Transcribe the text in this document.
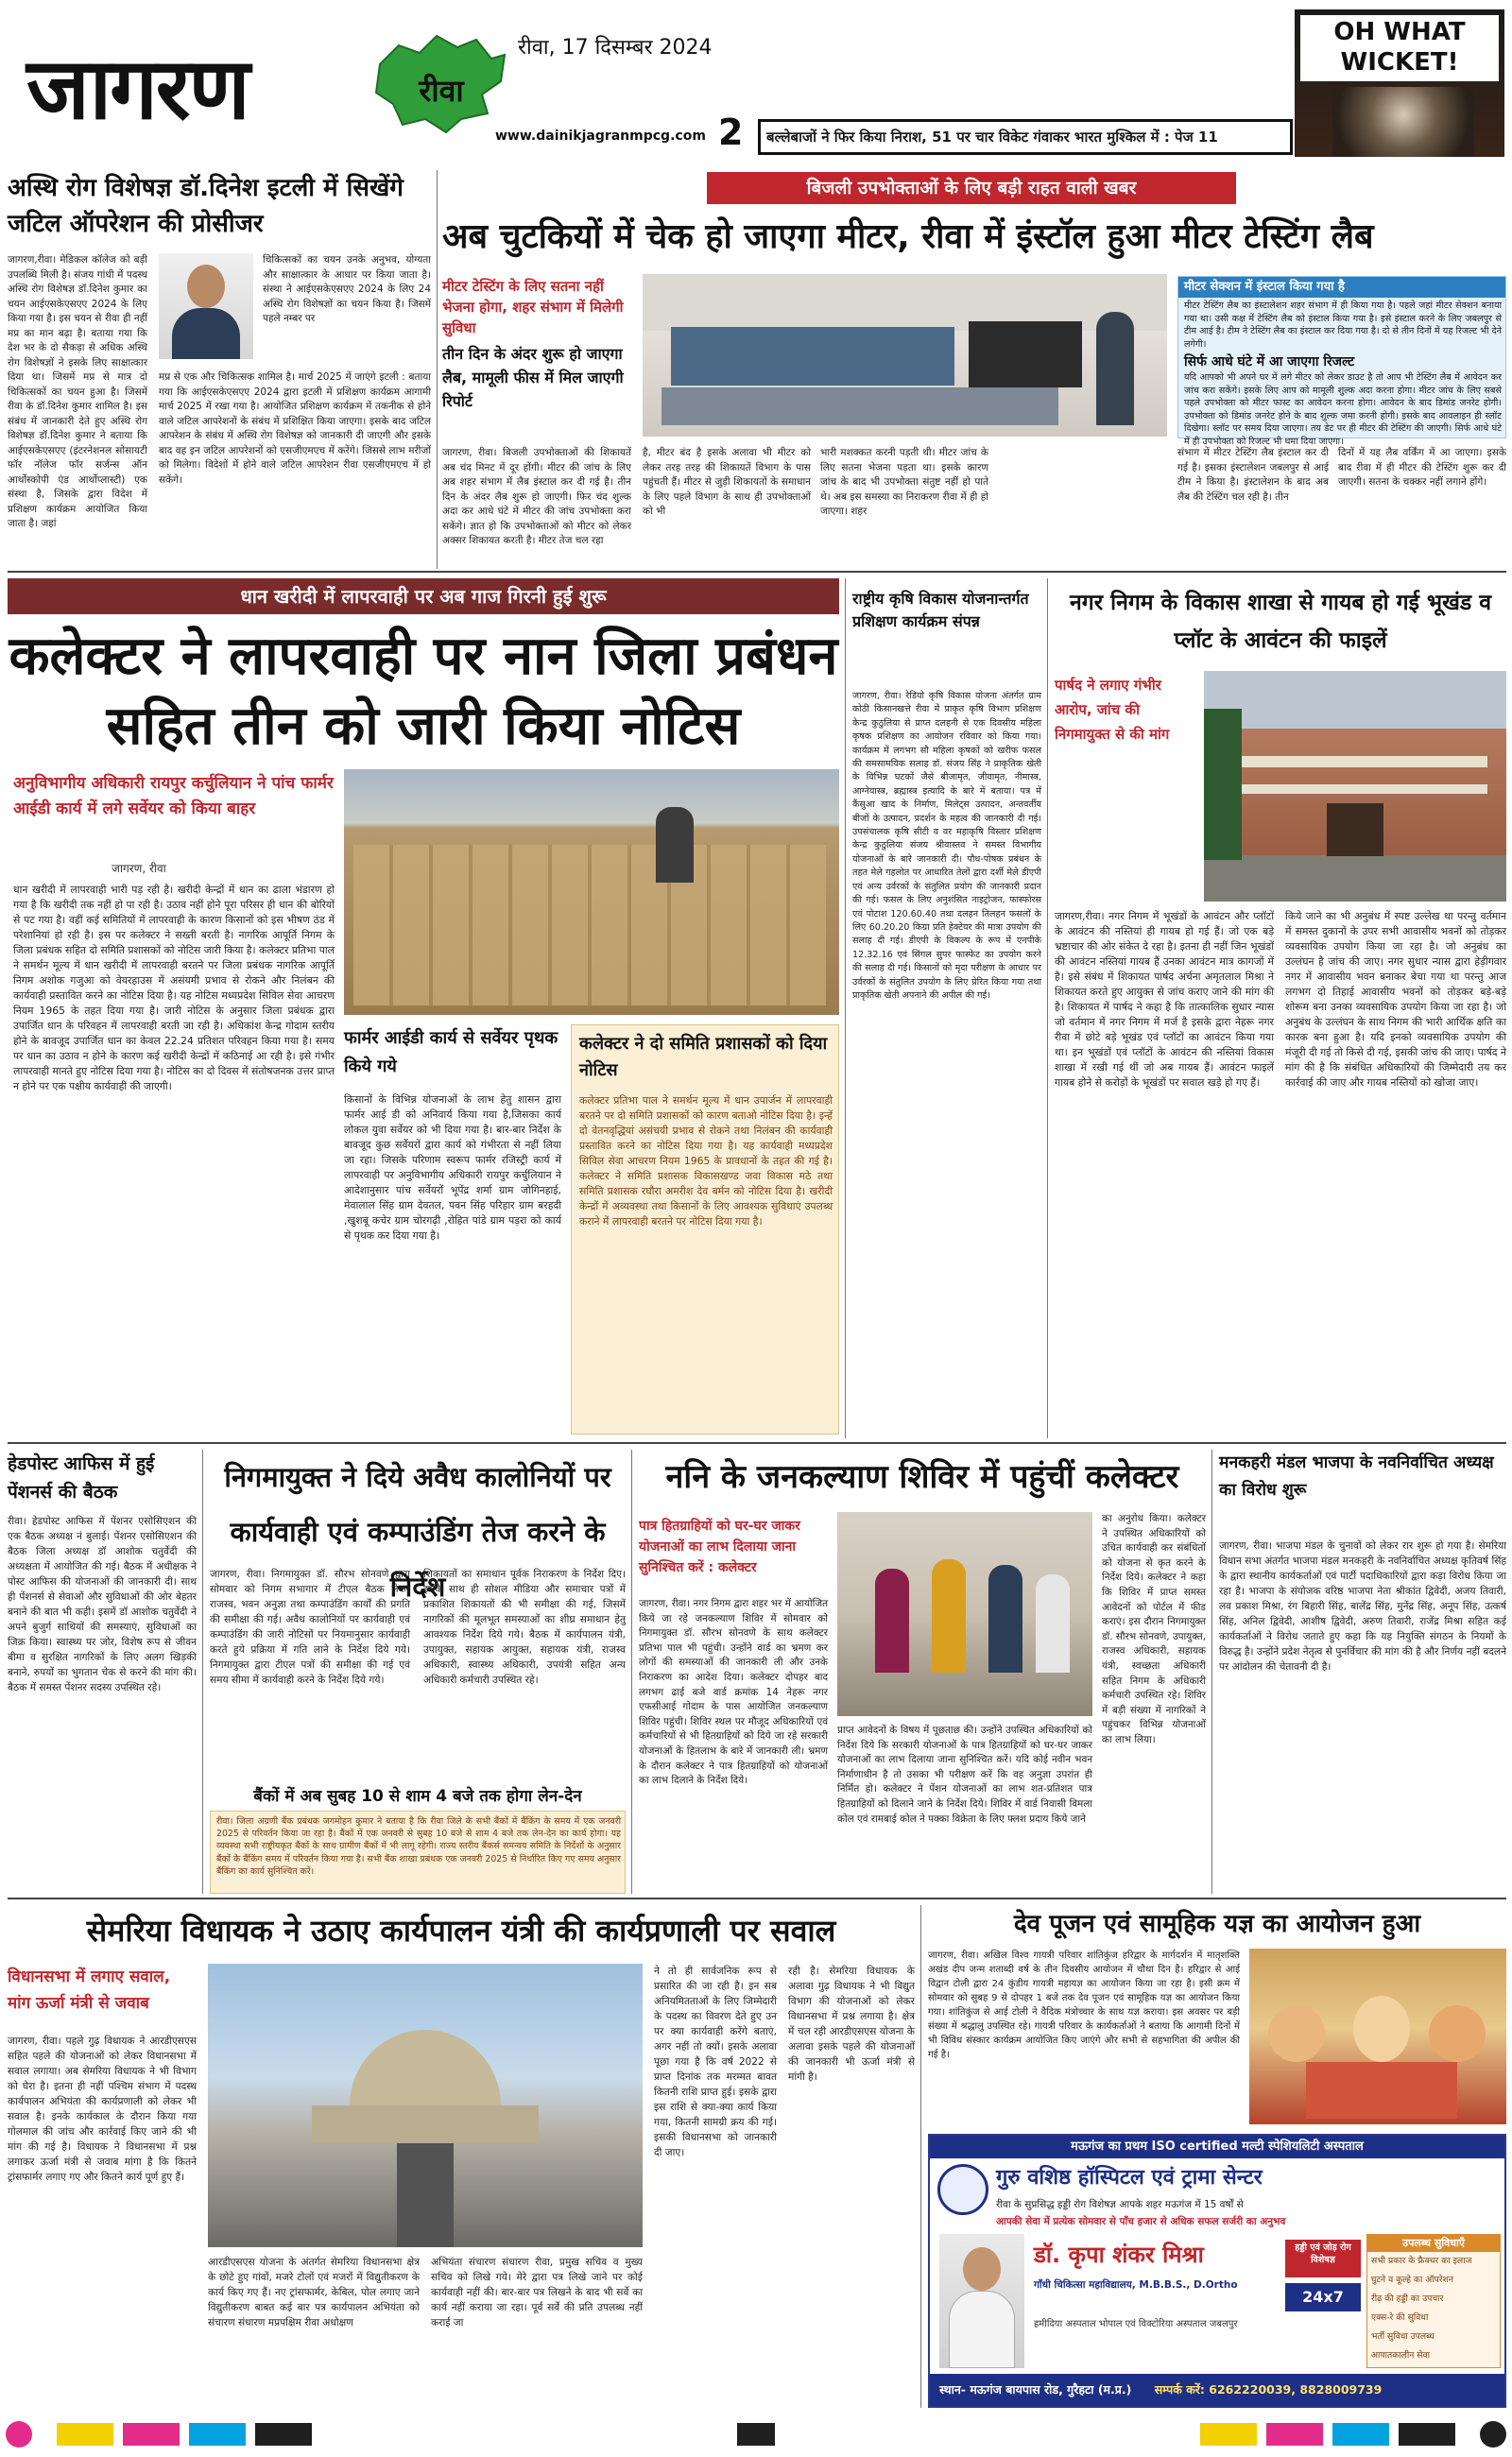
जागरण	रीवा
रीवा, 17 दिसम्बर 2024
www.dainikjagranmpcg.com 2	बल्लेबाजों ने फिर किया निराश, 51 पर चार विकेट गंवाकर भारत मुश्किल में : पेज 11
OH WHAT WICKET!
अस्थि रोग विशेषज्ञ डॉ.दिनेश इटली में सिखेंगे जटिल ऑपरेशन की प्रोसीजर
जागरण,रीवा। मेडिकल कॉलेज को बड़ी उपलब्धि मिली है। संजय गांधी में पदस्थ अस्थि रोग विशेषज्ञ डॉ.दिनेश कुमार का चयन आईएसकेएसएए 2024 के लिए किया गया है। इस चयन से रीवा ही नहीं मप्र का मान बढ़ा है। बताया गया कि देश भर के दो सैकड़ा से अधिक अस्थि रोग विशेषज्ञों ने इसके लिए साक्षात्कार दिया था। जिसमें मप्र से मात्र दो चिकित्सकों का चयन हुआ है। जिसमें रीवा के डॉ.दिनेश कुमार शामिल है। इस संबंध में जानकारी देते हुए अस्थि रोग विशेषज्ञ डॉ.दिनेश कुमार ने बताया कि आईएसकेएसएए (इंटरनेशनल सोसायटी फॉर नॉलेज फॉर सर्जन्स ऑन आर्थोस्कोपी एंड आर्थोप्लास्टी) एक संस्था है, जिसके द्वारा विदेश में प्रशिक्षण कार्यक्रम आयोजित किया जाता है। जहां
चिकित्सकों का चयन उनके अनुभव, योग्यता और साक्षात्कार के आधार पर किया जाता है। संस्था ने आईएसकेएसएए 2024 के लिए 24 अस्थि रोग विशेषज्ञों का चयन किया है। जिसमें पहले नम्बर पर
मप्र से एक और चिकित्सक शामिल है। मार्च 2025 में जाएंगे इटली : बताया गया कि आईएसकेएसएए 2024 द्वारा इटली में प्रशिक्षण कार्यक्रम आगामी मार्च 2025 में रखा गया है। आयोजित प्रशिक्षण कार्यक्रम में तकनीक से होने वाले जटिल आपरेशनों के संबंध में प्रशिक्षित किया जाएगा। इसके बाद जटिल आपरेशन के संबंध में अस्थि रोग विशेषज्ञ को जानकारी दी जाएगी और इसके बाद वह इन जटिल आपरेशनों को एसजीएमएच में करेंगे। जिससे लाभ मरीजों को मिलेगा। विदेशों में होने वाले जटिल आपरेशन रीवा एसजीएमएच में हो सकेंगे।
बिजली उपभोक्ताओं के लिए बड़ी राहत वाली खबर
अब चुटकियों में चेक हो जाएगा मीटर, रीवा में इंस्टॉल हुआ मीटर टेस्टिंग लैब
मीटर टेस्टिंग के लिए सतना नहीं भेजना होगा, शहर संभाग में मिलेगी सुविधा
तीन दिन के अंदर शुरू हो जाएगा लैब, मामूली फीस में मिल जाएगी रिपोर्ट
जागरण, रीवा। बिजली उपभोक्ताओं की शिकायतें अब चंद मिनट में दूर होंगी। मीटर की जांच के लिए अब शहर संभाग में लैब इंस्टाल कर दी गई है। तीन दिन के अंदर लैब शुरू हो जाएगी। फिर चंद शुल्क अदा कर आधे घंटे में मीटर की जांच उपभोक्ता करा सकेंगे। ज्ञात हो कि उपभोक्ताओं को मीटर को लेकर अक्सर शिकायत करती है। मीटर तेज चल रहा
है, मीटर बंद है इसके अलावा भी मीटर को लेकर तरह तरह की शिकायतें विभाग के पास पहुंचती हैं। मीटर से जुड़ी शिकायतों के समाधान के लिए पहले विभाग के साथ ही उपभोक्ताओं को भी
भारी मशक्कत करनी पड़ती थी। मीटर जांच के लिए सतना भेजना पड़ता था। इसके कारण जांच के बाद भी उपभोक्ता संतुष्ट नहीं हो पाते थे। अब इस समस्या का निराकरण रीवा में ही हो जाएगा। शहर
संभाग में मीटर टेस्टिंग लैब इंस्टाल कर दी गई है। इसका इंस्टालेशन जबलपुर से आई टीम ने किया है। इंस्टालेशन के बाद अब लैब की टेस्टिंग चल रही है। तीन
दिनों में यह लैब वर्किंग में आ जाएगा। इसके बाद रीवा में ही मीटर की टेस्टिंग शुरू कर दी जाएगी। सतना के चक्कर नहीं लगाने होंगे।
मीटर सेक्शन में इंस्टाल किया गया है
मीटर टेस्टिंग लैब का इंस्टालेशन शहर संभाग में ही किया गया है। पहले जहां मीटर सेक्शन बनाया गया था। उसी कक्ष में टेस्टिंग लैब को इंस्टाल किया गया है। इसे इंस्टाल करने के लिए जबलपुर से टीम आई है। टीम ने टेस्टिंग लैब का इंस्टाल कर दिया गया है। दो से तीन दिनों में यह रिजल्ट भी देने लगेगी।
सिर्फ आधे घंटे में आ जाएगा रिजल्ट
यदि आपको भी अपने घर में लगे मीटर को लेकर डाउट है तो आप भी टेस्टिंग लैब में आवेदन कर जांच करा सकेंगे। इसके लिए आप को मामूली शुल्क अदा करना होगा। मीटर जांच के लिए सबसे पहले उपभोक्ता को मीटर फास्ट का आवेदन करना होगा। आवेदन के बाद डिमांड जनरेट होगी। उपभोक्ता को डिमांड जनरेट होने के बाद शुल्क जमा करनी होगी। इसके बाद आवलाइन ही स्लॉट दिखेगा। स्लॉट पर समय दिया जाएगा। तय डेट पर ही मीटर की टेस्टिंग की जाएगी। सिर्फ आधे घंटे में ही उपभोक्ता को रिजल्ट भी थमा दिया जाएगा।
धान खरीदी में लापरवाही पर अब गाज गिरनी हुई शुरू
कलेक्टर ने लापरवाही पर नान जिला प्रबंधन सहित तीन को जारी किया नोटिस
अनुविभागीय अधिकारी रायपुर कर्चुलियान ने पांच फार्मर आईडी कार्य में लगे सर्वेयर को किया बाहर
जागरण, रीवा
धान खरीदी में लापरवाही भारी पड़ रही है। खरीदी केन्द्रों में धान का ढाला भंडारण हो गया है कि खरीदी तक नहीं हो पा रही है। उठाव नहीं होने पूरा परिसर ही धान की बोरियों से पट गया है। वहीं कई समितियों में लापरवाही के कारण किसानों को इस भीषण ठंड में परेशानियां हो रही है। इस पर कलेक्टर ने सख्ती बरती है। नागरिक आपूर्ति निगम के जिला प्रबंधक सहित दो समिति प्रशासकों को नोटिस जारी किया है। कलेक्टर प्रतिभा पाल ने समर्थन मूल्य में धान खरीदी में लापरवाही बरतने पर जिला प्रबंधक नागरिक आपूर्ति निगम अशोक गजुआ को वेयरहाउस में असंयमी प्रभाव से रोकने और निलंबन की कार्यवाही प्रस्तावित करने का नोटिस दिया है। यह नोटिस मध्यप्रदेश सिविल सेवा आचरण नियम 1965 के तहत दिया गया है। जारी नोटिस के अनुसार जिला प्रबंधक द्वारा उपार्जित धान के परिवहन में लापरवाही बरती जा रही है। अधिकांश केन्द्र गोदाम स्तरीय होने के बावजूद उपार्जित धान का केवल 22.24 प्रतिशत परिवहन किया गया है। समय पर धान का उठाव न होने के कारण कई खरीदी केन्द्रों में कठिनाई आ रही है। इसे गंभीर लापरवाही मानते हुए नोटिस दिया गया है। नोटिस का दो दिवस में संतोषजनक उत्तर प्राप्त न होने पर एक पक्षीय कार्यवाही की जाएगी।
फार्मर आईडी कार्य से सर्वेयर पृथक किये गये
किसानों के विभिन्न योजनाओं के लाभ हेतु शासन द्वारा फार्मर आई डी को अनिवार्य किया गया है,जिसका कार्य लोकल युवा सर्वेयर को भी दिया गया है। बार-बार निर्देश के बावजूद कुछ सर्वेयरों द्वारा कार्य को गंभीरता से नहीं लिया जा रहा। जिसके परिणाम स्वरूप फार्मर रजिस्ट्री कार्य में लापरवाही पर अनुविभागीय अधिकारी रायपुर कर्चुलियान ने आदेशानुसार पांच सर्वेयरों भूपेंद्र शर्मा ग्राम जोगिनहाई, मेवालाल सिंह ग्राम देवतल, पवन सिंह परिहार ग्राम बरहदी ,खुशबू कचेर ग्राम चोरगढ़ी ,रोहित पांडे ग्राम पड़रा को कार्य से पृथक कर दिया गया है।
कलेक्टर ने दो समिति प्रशासकों को दिया नोटिस
कलेक्टर प्रतिभा पाल ने समर्थन मूल्य में धान उपार्जन में लापरवाही बरतने पर दो समिति प्रशासकों को कारण बताओ नोटिस दिया है। इन्हें दो वेतनवृद्धियां असंचयी प्रभाव से रोकने तथा निलंबन की कार्यवाही प्रस्तावित करने का नोटिस दिया गया है। यह कार्यवाही मध्यप्रदेश सिविल सेवा आचरण नियम 1965 के प्रावधानों के तहत की गई है। कलेक्टर ने समिति प्रशासक विकासखण्ड जवा विकास मठे तथा समिति प्रशासक रघौरा अमरीश देव बर्मन को नोटिस दिया है। खरीदी केन्द्रों में अव्यवस्था तथा किसानों के लिए आवश्यक सुविधाएं उपलब्ध कराने में लापरवाही बरतने पर नोटिस दिया गया है।
राष्ट्रीय कृषि विकास योजनान्तर्गत प्रशिक्षण कार्यक्रम संपन्न
जागरण, रीवा। रेडियो कृषि विकास योजना अंतर्गत ग्राम कोठी किसानखत्ते रीवा में प्राकृत कृषि विभाग प्रशिक्षण केन्द्र कुठुलिया से प्राप्त दलहनी से एक दिवसीय महिला कृषक प्रशिक्षण का आयोजन रविवार को किया गया। कार्यक्रम में लगभग सौ महिला कृषकों को खरीफ फसल की समसामयिक सलाह डॉ. संजय सिंह ने प्राकृतिक खेती के विभिन्न घटकों जैसे बीजामृत, जीवामृत, नीमास्त्र, आग्नेयास्त्र, ब्रह्मास्त्र इत्यादि के बारे में बताया। पत्र में कैंसुआ खाद के निर्माण, मिलेट्स उत्पादन, अन्तवर्तीय बीजों के उत्पादन, प्रदर्शन के महत्व की जानकारी दी गई। उपसंचालक कृषि सीटी व वर महाकृषि विस्तार प्रशिक्षण केन्द्र कुठुलिया संजय श्रीवास्तव ने समस्त विभागीय योजनाओं के बारे जानकारी दी। पौध-पोषक प्रबंधन के तहत मेले गहलोत पर आधारित तेलों द्वारा दर्शी मेले डीएपी एवं अन्य उर्वरकों के संतुलित प्रयोग की जानकारी प्रदान की गई। फसल के लिए अनुशंसित नाइट्रोजन, फास्फोरस एवं पोटाश 120.60.40 तथा दलहन तिलहन फसलों के लिए 60.20.20 किग्रा प्रति हेक्टेयर की मात्रा उपयोग की सलाह दी गई। डीएपी के विकल्प के रूप में एनपीके 12.32.16 एवं सिंगल सुपर फास्फेट का उपयोग करने की सलाह दी गई। किसानों को मृदा परीक्षण के आधार पर उर्वरकों के संतुलित उपयोग के लिए प्रेरित किया गया तथा प्राकृतिक खेती अपनाने की अपील की गई।
नगर निगम के विकास शाखा से गायब हो गई भूखंड व प्लॉट के आवंटन की फाइलें
पार्षद ने लगाए गंभीर आरोप, जांच की निगमायुक्त से की मांग
जागरण,रीवा। नगर निगम में भूखंडों के आवंटन और प्लॉटों के आवंटन की नस्तियां ही गायब हो गई हैं। जो एक बड़े भ्रष्टाचार की ओर संकेत दे रहा है। इतना ही नहीं जिन भूखंडों की आवंटन नस्तियां गायब हैं उनका आवंटन मात्र कागजों में है। इसे संबंध में शिकायत पार्षद अर्चना अमृतलाल मिश्रा ने शिकायत करते हुए आयुक्त से जांच कराए जाने की मांग की है। शिकायत में पार्षद ने कहा है कि तात्कालिक सुधार न्यास जो वर्तमान में नगर निगम में मर्ज है इसके द्वारा नेहरू नगर रीवा में छोटे बड़े भूखंड एवं प्लॉटों का आवंटन किया गया था। इन भूखंडों एवं प्लॉटों के आवंटन की नस्तियां विकास शाखा में रखी गई थीं जो अब गायब हैं। आवंटन फाइलें गायब होने से करोड़ों के भूखंडों पर सवाल खड़े हो गए हैं।
किये जाने का भी अनुबंध में स्पष्ट उल्लेख था परन्तु वर्तमान में समस्त दुकानों के उपर सभी आवासीय भवनों को तोड़कर व्यवसायिक उपयोग किया जा रहा है। जो अनुबंध का उल्लंघन है जांच की जाए। नगर सुधार न्यास द्वारा हेड़ीगवार नगर में आवासीय भवन बनाकर बेचा गया था परन्तु आज लगभग दो तिहाई आवासीय भवनों को तोड़कर बड़े-बड़े शोरूम बना उनका व्यवसायिक उपयोग किया जा रहा है। जो अनुबंध के उल्लंघन के साथ निगम की भारी आर्थिक क्षति का कारक बना हुआ है। यदि इनको व्यवसायिक उपयोग की मंजूरी दी गई तो किसे दी गई, इसकी जांच की जाए। पार्षद ने मांग की है कि संबंधित अधिकारियों की जिम्मेदारी तय कर कार्रवाई की जाए और गायब नस्तियों को खोजा जाए।
हेडपोस्ट आफिस में हुई पेंशनर्स की बैठक
रीवा। हेडपोस्ट आफिस में पेंशनर एसोसिएशन की एक बैठक अध्यक्ष नं बुलाई। पेंशनर एसोसिएशन की बैठक जिला अध्यक्ष डॉ आशोक चतुर्वेदी की अध्यक्षता में आयोजित की गई। बैठक में अधीक्षक ने पोस्ट आफिस की योजनाओं की जानकारी दी। साथ ही पेंशनर्स से सेवाओं और सुविधाओं की ओर बेहतर बनाने की बात भी कही। इसमें डॉ आशोक चतुर्वेदी ने अपने बुजुर्ग साथियों की समस्याएं, सुविधाओं का जिक्र किया। स्वास्थ्य पर जोर, विशेष रूप से जीवन बीमा व सुरक्षित नागरिकों के लिए अलग खिड़की बनाने, रुपयों का भुगतान चेक से करने की मांग की। बैठक में समस्त पेंशनर सदस्य उपस्थित रहे।
निगमायुक्त ने दिये अवैध कालोनियों पर कार्यवाही एवं कम्पाउंडिंग तेज करने के निर्देश
जागरण, रीवा। निगमायुक्त डॉ. सौरभ सोनवणे द्वारा सोमवार को निगम सभागार में टीएल बैठक लेकर राजस्व, भवन अनुज्ञा तथा कम्पाउंडिंग कार्यों की प्रगति की समीक्षा की गई। अवैध कालोनियों पर कार्यवाही एवं कम्पाउंडिंग की जारी नोटिसों पर नियमानुसार कार्यवाही करते हुये प्रक्रिया में गति लाने के निर्देश दिये गये। निगमायुक्त द्वारा टीएल पत्रों की समीक्षा की गई एवं समय सीमा में कार्यवाही करने के निर्देश दिये गये।
शिकायतों का समाधान पूर्वक निराकरण के निर्देश दिए। इसके साथ ही सोशल मीडिया और समाचार पत्रों में प्रकाशित शिकायतों की भी समीक्षा की गई, जिसमें नागरिकों की मूलभूत समस्याओं का शीघ्र समाधान हेतु आवश्यक निर्देश दिये गये। बैठक में कार्यपालन यंत्री, उपायुक्त, सहायक आयुक्त, सहायक यंत्री, राजस्व अधिकारी, स्वास्थ्य अधिकारी, उपयंत्री सहित अन्य अधिकारी कर्मचारी उपस्थित रहे।
बैंकों में अब सुबह 10 से शाम 4 बजे तक होगा लेन-देन
रीवा। जिला अग्रणी बैंक प्रबंधक जगमोहन कुमार ने बताया है कि रीवा जिले के सभी बैंकों में बैंकिंग के समय में एक जनवरी 2025 से परिवर्तन किया जा रहा है। बैंकों में एक जनवरी से सुबह 10 बजे से शाम 4 बजे तक लेन-देन का कार्य होगा। यह व्यवस्था सभी राष्ट्रीयकृत बैंकों के साथ ग्रामीण बैंकों में भी लागू रहेगी। राज्य स्तरीय बैंकर्स समन्वय समिति के निर्देशों के अनुसार बैंकों के बैंकिंग समय में परिवर्तन किया गया है। सभी बैंक शाखा प्रबंधक एक जनवरी 2025 से निर्धारित किए गए समय अनुसार बैंकिंग का कार्य सुनिश्चित करें।
ननि के जनकल्याण शिविर में पहुंचीं कलेक्टर
पात्र हितग्राहियों को घर-घर जाकर योजनाओं का लाभ दिलाया जाना सुनिश्चित करें : कलेक्टर
जागरण, रीवा। नगर निगम द्वारा शहर भर में आयोजित किये जा रहे जनकल्याण शिविर में सोमवार को निगमायुक्त डॉ. सौरभ सोनवणे के साथ कलेक्टर प्रतिभा पाल भी पहुंची। उन्होंने वार्ड का भ्रमण कर लोगों की समस्याओं की जानकारी ली और उनके निराकरण का आदेश दिया। कलेक्टर दोपहर बाद लगभग ढाई बजे वार्ड क्रमांक 14 नेहरू नगर एफसीआई गोदाम के पास आयोजित जनकल्याण शिविर पहुंची। शिविर स्थल पर मौजूद अधिकारियों एवं कर्मचारियों से भी हितग्राहियों को दिये जा रहे सरकारी योजनाओं के हितलाभ के बारे में जानकारी ली। भ्रमण के दौरान कलेक्टर ने पात्र हितग्राहियों को योजनाओं का लाभ दिलाने के निर्देश दिये।
प्राप्त आवेदनों के विषय में पूछताछ की। उन्होंने उपस्थित अधिकारियों को निर्देश दिये कि सरकारी योजनाओं के पात्र हितग्राहियों को घर-घर जाकर योजनाओं का लाभ दिलाया जाना सुनिश्चित करें। यदि कोई नवीन भवन निर्माणाधीन है तो उसका भी परीक्षण करें कि वह अनुज्ञा उपरांत ही निर्मित हो। कलेक्टर ने पेंशन योजनाओं का लाभ शत-प्रतिशत पात्र हितग्राहियों को दिलाने जाने के निर्देश दिये। शिविर में वार्ड निवासी विमला कोल एवं रामबाई कोल ने पक्का विक्रेता के लिए फ्लश प्रदाय किये जाने
का अनुरोध किया। कलेक्टर ने उपस्थित अधिकारियों को उचित कार्यवाही कर संबंधितों को योजना से कृत करने के निर्देश दिये। कलेक्टर ने कहा कि शिविर में प्राप्त समस्त आवेदनों को पोर्टल में फीड कराएं। इस दौरान निगमायुक्त डॉ. सौरभ सोनवणे, उपायुक्त, राजस्व अधिकारी, सहायक यंत्री, स्वच्छता अधिकारी सहित निगम के अधिकारी कर्मचारी उपस्थित रहे। शिविर में बड़ी संख्या में नागरिकों ने पहुंचकर विभिन्न योजनाओं का लाभ लिया।
मनकहरी मंडल भाजपा के नवनिर्वाचित अध्यक्ष का विरोध शुरू
जागरण, रीवा। भाजपा मंडल के चुनावों को लेकर रार शुरू हो गया है। सेमरिया विधान सभा अंतर्गत भाजपा मंडल मनकहरी के नवनिर्वाचित अध्यक्ष कृतिवर्ष सिंह के द्वारा स्थानीय कार्यकर्ताओं एवं पार्टी पदाधिकारियों द्वारा कड़ा विरोध किया जा रहा है। भाजपा के संयोजक वरिष्ठ भाजपा नेता श्रीकांत द्विवेदी, अजय तिवारी, लव प्रकाश मिश्रा, रंग बिहारी सिंह, बालेंद्र सिंह, मुनेंद्र सिंह, अनूप सिंह, उत्कर्ष सिंह, अनिल द्विवेदी, आशीष द्विवेदी, अरुण तिवारी, राजेंद्र मिश्रा सहित कई कार्यकर्ताओं ने विरोध जताते हुए कहा कि यह नियुक्ति संगठन के नियमों के विरुद्ध है। उन्होंने प्रदेश नेतृत्व से पुनर्विचार की मांग की है और निर्णय नहीं बदलने पर आंदोलन की चेतावनी दी है।
सेमरिया विधायक ने उठाए कार्यपालन यंत्री की कार्यप्रणाली पर सवाल
विधानसभा में लगाए सवाल, मांग ऊर्जा मंत्री से जवाब
जागरण, रीवा। पहले गुढ़ विधायक ने आरडीएसएस सहित पहले की योजनाओं को लेकर विधानसभा में सवाल लगाया। अब सेमरिया विधायक ने भी विभाग को घेरा है। इतना ही नहीं पश्चिम संभाग में पदस्थ कार्यपालन अभियंता की कार्यप्रणाली को लेकर भी सवाल है। इनके कार्यकाल के दौरान किया गया गोलमाल की जांच और कार्रवाई किए जाने की भी मांग की गई है। विधायक ने विधानसभा में प्रश्न लगाकर ऊर्जा मंत्री से जवाब मांगा है कि कितने ट्रांसफार्मर लगाए गए और कितने कार्य पूर्ण हुए हैं।
आरडीएसएस योजना के अंतर्गत सेमरिया विधानसभा क्षेत्र के छोटे हुए गांवों, मजरे टोलों एवं मजरों में विद्युतीकरण के कार्य किए गए हैं। नए ट्रांसफार्मर, केबिल, पोल लगाए जाने विद्युतीकरण बाबत कई बार पत्र कार्यपालन अभियंता को संचारण संधारण मप्रपक्षिम रीवा अधोक्षण
अभियंता संचारण संधारण रीवा, प्रमुख सचिव व मुख्य सचिव को लिखे गये। मेरे द्वारा पत्र लिखे जाने पर कोई कार्यवाही नहीं की। बार-बार पत्र लिखने के बाद भी सर्वे का कार्य नहीं कराया जा रहा। पूर्व सर्वे की प्रति उपलब्ध नहीं कराई जा
ने तो ही सार्वजनिक रूप से प्रसारित की जा रही है। इन सब अनियमितताओं के लिए जिम्मेदारी के पदस्थ का विवरण देते हुए उन पर क्या कार्यवाही करेंगे बताएं, अगर नहीं तो क्यों। इसके अलावा पूछा गया है कि वर्ष 2022 से प्राप्त दिनांक तक मरम्मत बावत कितनी राशि प्राप्त हुई। इसके द्वारा इस राशि से क्या-क्या कार्य किया गया, कितनी सामग्री क्रय की गई। इसकी विधानसभा को जानकारी दी जाए।
रही है। सेमरिया विधायक के अलावा गुढ़ विधायक ने भी विद्युत विभाग की योजनाओं को लेकर विधानसभा में प्रश्न लगाया है। क्षेत्र में चल रही आरडीएसएस योजना के अलावा इसके पहले की योजनाओं की जानकारी भी ऊर्जा मंत्री से मांगी है।
देव पूजन एवं सामूहिक यज्ञ का आयोजन हुआ
जागरण, रीवा। अखिल विश्व गायत्री परिवार शांतिकुंज हरिद्वार के मार्गदर्शन में मातृशक्ति अखंड दीप जन्म शताब्दी वर्ष के तीन दिवसीय आयोजन में चौथा दिन है। हरिद्वार से आई विद्वान टोली द्वारा 24 कुंडीय गायत्री महायज्ञ का आयोजन किया जा रहा है। इसी क्रम में सोमवार को सुबह 9 से दोपहर 1 बजे तक देव पूजन एवं सामूहिक यज्ञ का आयोजन किया गया। शांतिकुंज से आई टोली ने वैदिक मंत्रोच्चार के साथ यज्ञ कराया। इस अवसर पर बड़ी संख्या में श्रद्धालु उपस्थित रहे। गायत्री परिवार के कार्यकर्ताओं ने बताया कि आगामी दिनों में भी विविध संस्कार कार्यक्रम आयोजित किए जाएंगे और सभी से सहभागिता की अपील की गई है।
मऊगंज का प्रथम ISO certified मल्टी स्पेशियलिटी अस्पताल
गुरु वशिष्ठ हॉस्पिटल एवं ट्रामा सेन्टर
रीवा के सुप्रसिद्ध हड्डी रोग विशेषज्ञ आपके शहर मऊगंज में 15 वर्षों से
आपकी सेवा में प्रत्येक सोमवार से पाँच हजार से अधिक सफल सर्जरी का अनुभव
डॉ. कृपा शंकर मिश्रा	हड्डी एवं जोड़ रोग विशेषज्ञ
24x7
गाँधी चिकित्सा महाविद्यालय, M.B.B.S., D.Ortho
हमीदिया अस्पताल भोपाल एवं विक्टोरिया अस्पताल जबलपुर
उपलब्ध सुविधाएँ
सभी प्रकार के फ्रैक्चर का इलाज
घुटने व कूल्हे का ऑपरेशन
रीढ़ की हड्डी का उपचार
एक्स-रे की सुविधा
भर्ती सुविधा उपलब्ध
आपातकालीन सेवा
स्थान- मऊगंज बायपास रोड, गुरैहटा (म.प्र.) सम्पर्क करें: 6262220039, 8828009739
